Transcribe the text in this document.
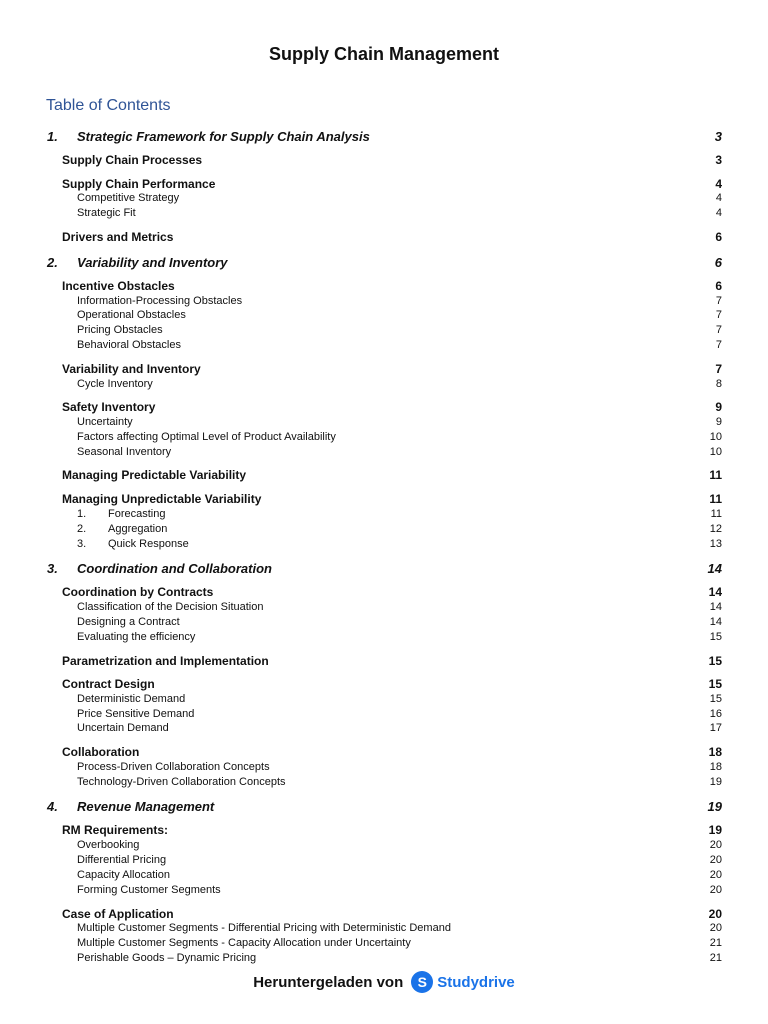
Supply Chain Management
Table of Contents
1. Strategic Framework for Supply Chain Analysis	3
Supply Chain Processes	3
Supply Chain Performance	4
Competitive Strategy	4
Strategic Fit	4
Drivers and Metrics	6
2. Variability and Inventory	6
Incentive Obstacles	6
Information-Processing Obstacles	7
Operational Obstacles	7
Pricing Obstacles	7
Behavioral Obstacles	7
Variability and Inventory	7
Cycle Inventory	8
Safety Inventory	9
Uncertainty	9
Factors affecting Optimal Level of Product Availability	10
Seasonal Inventory	10
Managing Predictable Variability	11
Managing Unpredictable Variability	11
1. Forecasting	11
2. Aggregation	12
3. Quick Response	13
3. Coordination and Collaboration	14
Coordination by Contracts	14
Classification of the Decision Situation	14
Designing a Contract	14
Evaluating the efficiency	15
Parametrization and Implementation	15
Contract Design	15
Deterministic Demand	15
Price Sensitive Demand	16
Uncertain Demand	17
Collaboration	18
Process-Driven Collaboration Concepts	18
Technology-Driven Collaboration Concepts	19
4. Revenue Management	19
RM Requirements:	19
Overbooking	20
Differential Pricing	20
Capacity Allocation	20
Forming Customer Segments	20
Case of Application	20
Multiple Customer Segments - Differential Pricing with Deterministic Demand	20
Multiple Customer Segments - Capacity Allocation under Uncertainty	21
Perishable Goods – Dynamic Pricing	21
Heruntergeladen von	S Studydrive
